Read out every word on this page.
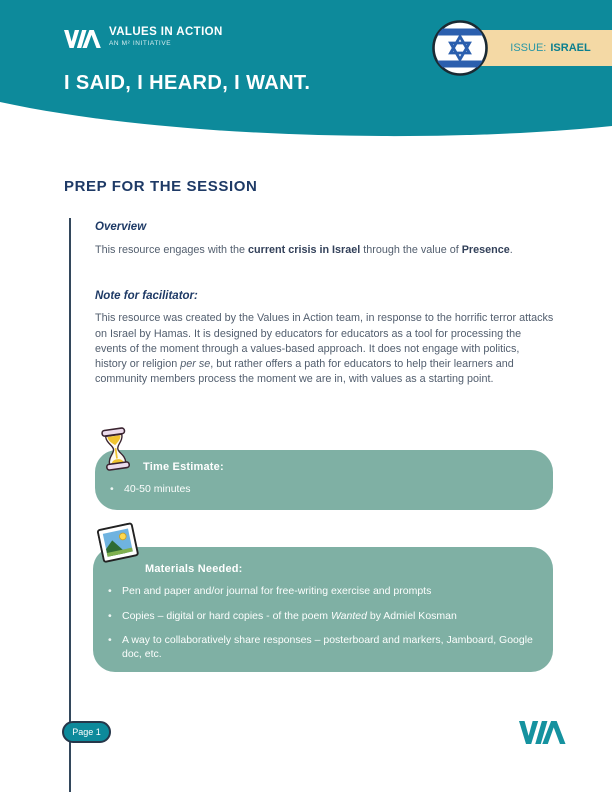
VALUES IN ACTION
AN M² INITIATIVE
I SAID, I HEARD, I WANT.
ISSUE: ISRAEL
PREP FOR THE SESSION
Overview
This resource engages with the current crisis in Israel through the value of Presence.
Note for facilitator:
This resource was created by the Values in Action team, in response to the horrific terror attacks on Israel by Hamas. It is designed by educators for educators as a tool for processing the events of the moment through a values-based approach. It does not engage with politics, history or religion per se, but rather offers a path for educators to help their learners and community members process the moment we are in, with values as a starting point.
Time Estimate:
• 40-50 minutes
Materials Needed:
• Pen and paper and/or journal for free-writing exercise and prompts
• Copies – digital or hard copies - of the poem Wanted by Admiel Kosman
• A way to collaboratively share responses – posterboard and markers, Jamboard, Google doc, etc.
Page 1
